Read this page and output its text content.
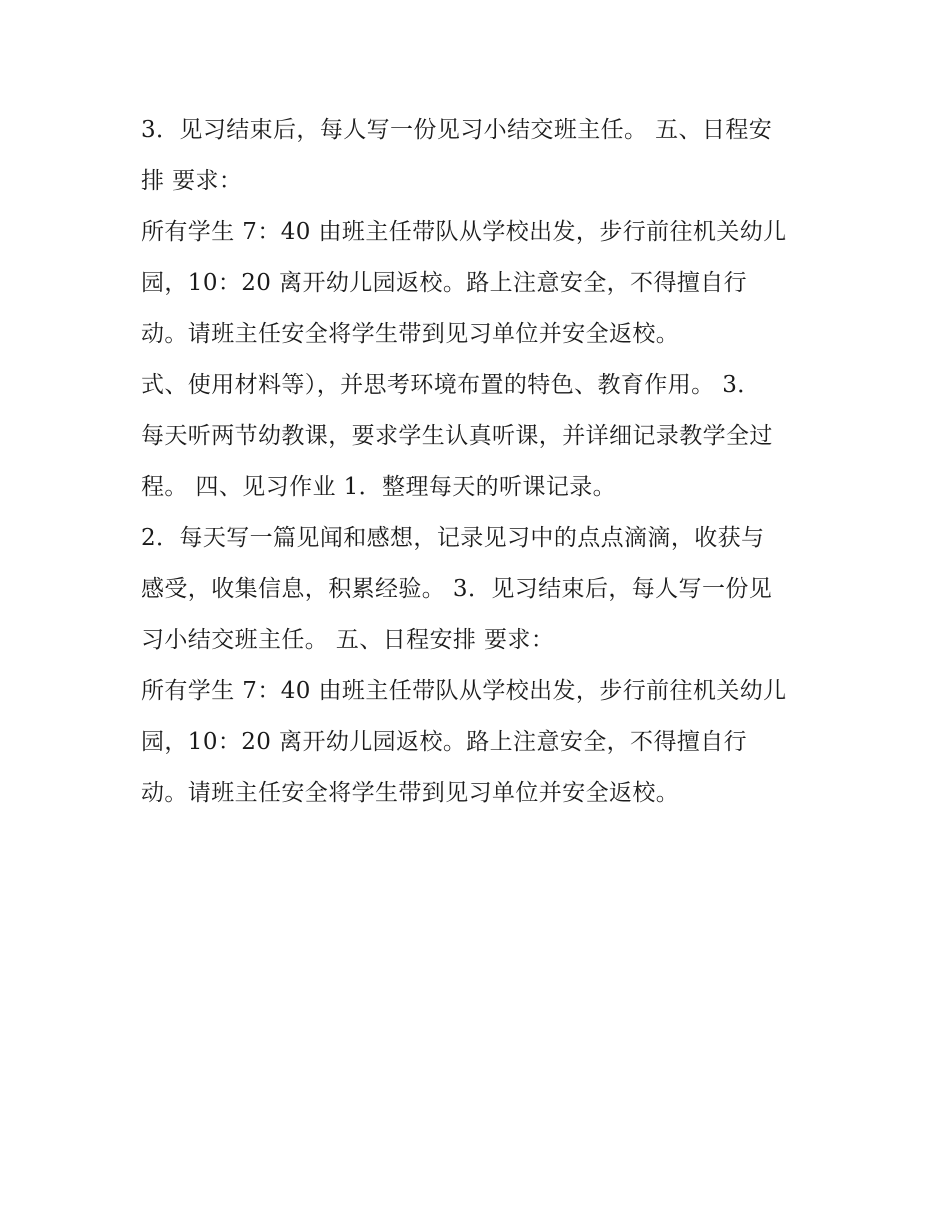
3．见习结束后，每人写一份见习小结交班主任。 五、日程安
排 要求：
所有学生 7：40 由班主任带队从学校出发，步行前往机关幼儿
园，10：20 离开幼儿园返校。路上注意安全，不得擅自行
动。请班主任安全将学生带到见习单位并安全返校。
式、使用材料等），并思考环境布置的特色、教育作用。 3．
每天听两节幼教课，要求学生认真听课，并详细记录教学全过
程。 四、见习作业 1．整理每天的听课记录。
2．每天写一篇见闻和感想，记录见习中的点点滴滴，收获与
感受，收集信息，积累经验。 3．见习结束后，每人写一份见
习小结交班主任。 五、日程安排 要求：
所有学生 7：40 由班主任带队从学校出发，步行前往机关幼儿
园，10：20 离开幼儿园返校。路上注意安全，不得擅自行
动。请班主任安全将学生带到见习单位并安全返校。
